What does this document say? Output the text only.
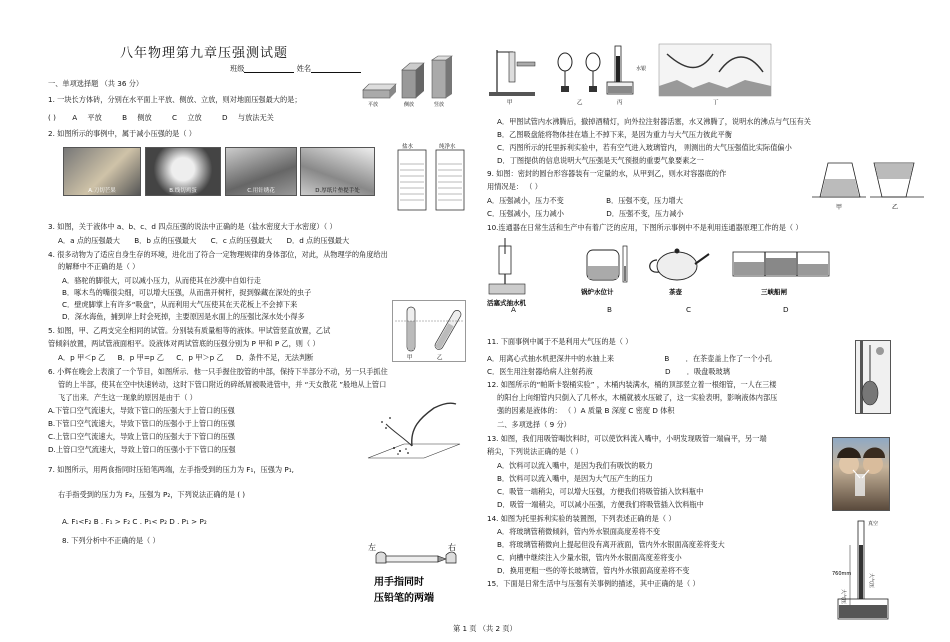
八年物理第九章压强测试题
班级	姓名
一、单项选择题 （共 36 分）
平放	侧放	竖放
1. 一块长方体砖，分别在水平面上平放、侧放、立放，则对地面压强最大的是；
( ) A 平放	B 侧放	C 立放	D 与放法无关
2. 如图所示的事例中，属于减小压强的是（ ）
A.刀切芒果	B.线切鸡蛋	C.用针绣花	D.厚纸片垫提手处
盐水	纯净水
3. 如图，关于液体中 a、b、c、d 四点压强的说法中正确的是（盐水密度大于水密度）（ ）
A．a 点的压强最大 B．b 点的压强最大 C．c 点的压强最大 D．d 点的压强最大
4. 很多动物为了适应自身生存的环境，进化出了符合一定物理规律的身体部位，对此，从物理学的角度给出
的解释中不正确的是（ ）
A．骆驼的脚很大，可以减小压力，从而使其在沙漠中自如行走
B．啄木鸟的嘴很尖细，可以增大压强，从而凿开树杆，捉到躲藏在深处的虫子
C．壁虎脚掌上有许多“吸盘”，从而利用大气压使其在天花板上不会掉下来
D．深水海鱼，捕到岸上时会死掉，主要原因是水面上的压强比深水处小得多
5. 如图，甲、乙两支完全相同的试管。分别装有质量相等的液体。甲试管竖直放置，乙试
管倾斜放置，两试管液面相平。设液体对两试管底的压强分别为 P 甲和 P 乙，则（ ）
A．p 甲＜p 乙 B．p 甲=p 乙 C．p 甲＞p 乙 D．条件不足，无法判断	甲	乙
6. 小辉在晚会上表演了一个节目，如图所示．他一只手握住胶管的中部，保持下半部分不动，另一只手抓住
管的上半部，使其在空中快速转动，这时下管口附近的碎纸屑被吸进管中，并 “天女散花 ”般地从上管口
飞了出来．产生这一现象的原因是由于（ ）
A.下管口空气流速大，导致下管口的压强大于上管口的压强
B.下管口空气流速大，导致下管口的压强小于上管口的压强
C.上管口空气流速大，导致上管口的压强大于下管口的压强
D.上管口空气流速大，导致上管口的压强小于下管口的压强
7. 如图所示，用两食指同时压铅笔两端，左手指受到的压力为 F₁，压强为 P₁,
右手指受到的压力为 F₂，压强为 P₂，下列说法正确的是 ( )
A. F₁<F₂ B . F₁ > F₂ C . P₁< P₂ D . P₁ > P₂
8. 下列分析中不正确的是（ ）
左	右
用手指同时
压铅笔的两端
甲	乙
水银
丙	丁
A．甲图试管内水沸腾后，撤掉酒精灯，向外拉注射器活塞，水又沸腾了，说明水的沸点与气压有关
B．乙图吸盘能将物体挂在墙上不掉下来，是因为重力与大气压力彼此平衡
C．丙图所示的托里拆利实验中，若有空气进入玻璃管内， 则测出的大气压强值比实际值偏小
D．丁图提供的信息说明大气压强是天气预报的重要气象要素之一
9. 如图：密封的圆台形容器装有一定量的水，从甲到乙，则水对容器底的作
用情况是： （ ）
A．压强减小，压力不变	B．压强不变，压力增大
C．压强减小，压力减小	D．压强不变，压力减小
甲	乙
10.连通器在日常生活和生产中有着广泛的应用，下图所示事例中不是利用连通器原理工作的是（ ）
活塞式抽水机
锅炉水位计	茶壶	三峡船闸
A	B	C	D
11. 下面事例中属于不是利用大气压的是（ ）
A．用离心式抽水机把深井中的水抽上来	B ．在茶壶盖上作了一个小孔
C．医生用注射器给病人注射药液	D ．吸盘吸玻璃
12. 如图所示的“帕斯卡裂桶实验” ，木桶内装满水，桶的顶部竖立着一根细管，一人在三楼
的阳台上向细管内只倒入了几杯水，木桶就被水压破了，这一实验表明，影响液体内部压
强的因素是液体的： （ ）A 质量 B 深度 C 密度 D 体积
二、多项选择（ 9 分）
13. 如图，我们用吸管喝饮料时，可以使饮料流入嘴中，小明发现吸管一端扁平，另一端
稍尖，下列说法正确的是（ ）
A．饮料可以流入嘴中，是因为我们有吸饮的吸力
B．饮料可以流入嘴中，是因为大气压产生的压力
C．吸管一端稍尖，可以增大压强，方便我们将吸管插入饮料瓶中
D．吸管一端稍尖，可以减小压强，方便我们将吸管插入饮料瓶中
14. 如图为托里拆利实验的装置图，下列表述正确的是（ ）
A．将玻璃管稍微倾斜，管内外水银面高度差将不变
B．将玻璃管稍微向上提起但没有离开液面，管内外水银面高度差将变大
C．向槽中继续注入少量水银，管内外水银面高度差将变小
D．换用更粗一些的等长玻璃管，管内外水银面高度差将不变
15．下面是日常生活中与压强有关事例的描述，其中正确的是（ ）
真空
760mm	大气压
大气压
第 1 页 （共 2 页）
